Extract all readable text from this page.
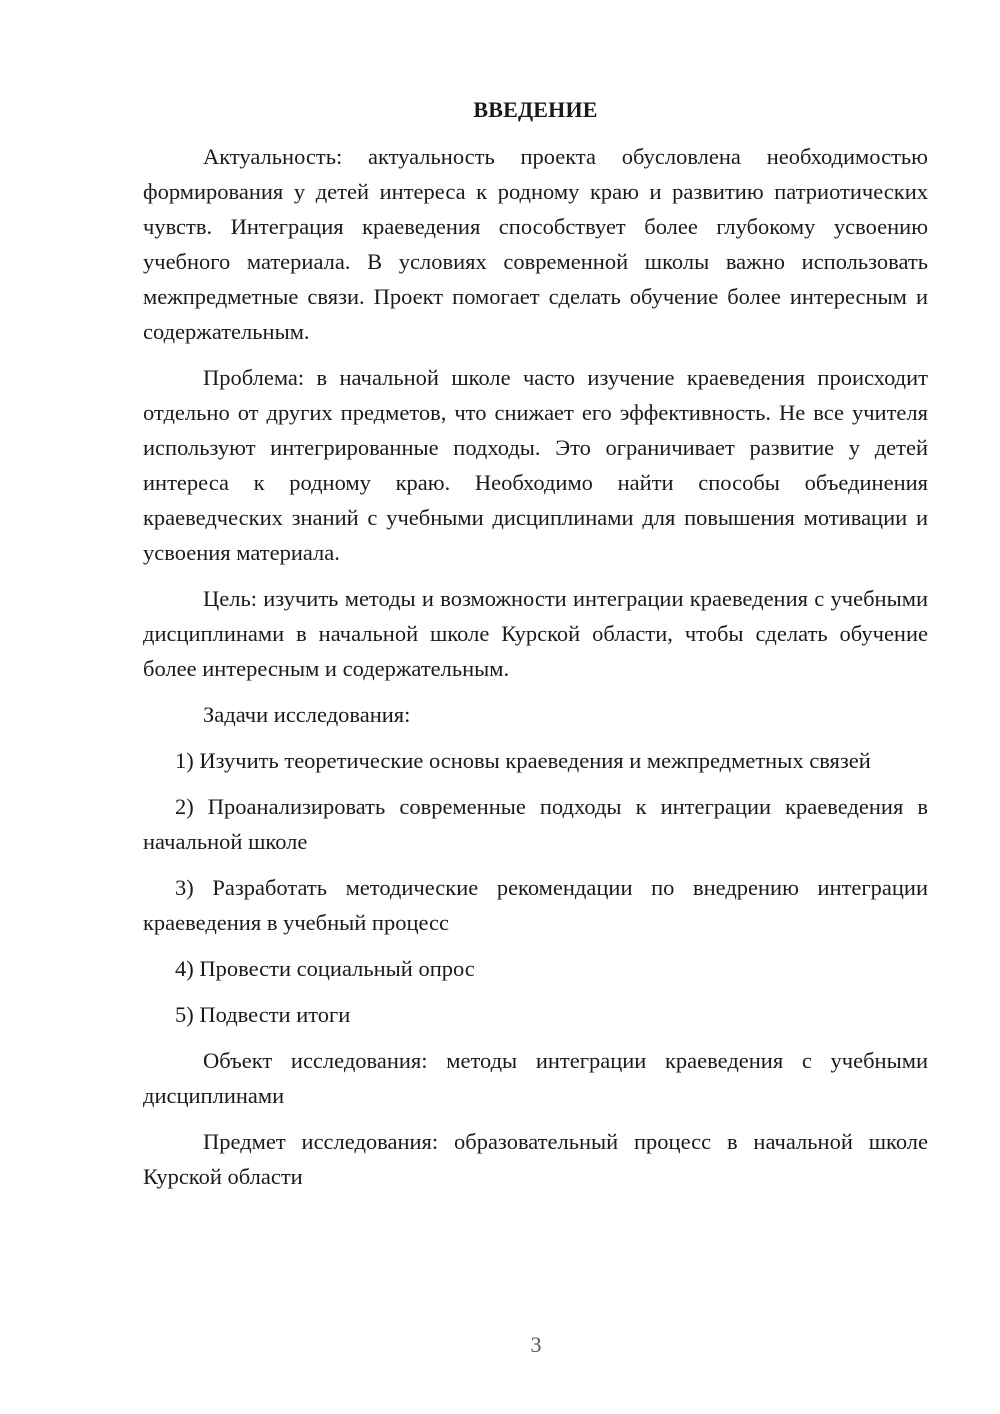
ВВЕДЕНИЕ

Актуальность: актуальность проекта обусловлена необходимостью формирования у детей интереса к родному краю и развитию патриотических чувств. Интеграция краеведения способствует более глубокому усвоению учебного материала. В условиях современной школы важно использовать межпредметные связи. Проект помогает сделать обучение более интересным и содержательным.

Проблема: в начальной школе часто изучение краеведения происходит отдельно от других предметов, что снижает его эффективность. Не все учителя используют интегрированные подходы. Это ограничивает развитие у детей интереса к родному краю. Необходимо найти способы объединения краеведческих знаний с учебными дисциплинами для повышения мотивации и усвоения материала.

Цель: изучить методы и возможности интеграции краеведения с учебными дисциплинами в начальной школе Курской области, чтобы сделать обучение более интересным и содержательным.

Задачи исследования:

1) Изучить теоретические основы краеведения и межпредметных связей

2) Проанализировать современные подходы к интеграции краеведения в начальной школе

3) Разработать методические рекомендации по внедрению интеграции краеведения в учебный процесс

4) Провести социальный опрос

5) Подвести итоги

Объект исследования: методы интеграции краеведения с учебными дисциплинами

Предмет исследования: образовательный процесс в начальной школе Курской области

3
